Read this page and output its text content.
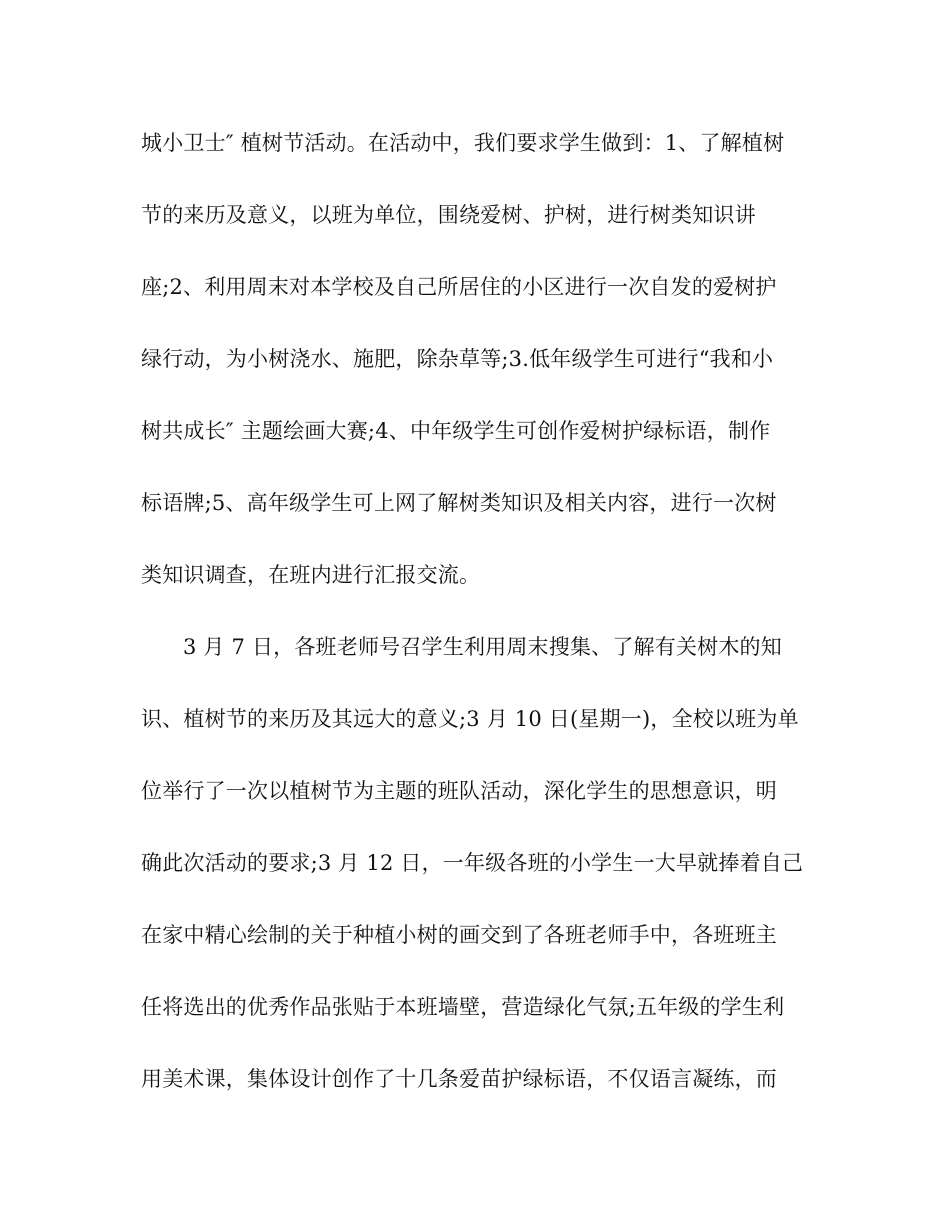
城小卫士″ 植树节活动。在活动中，我们要求学生做到：1、了解植树
节的来历及意义，以班为单位，围绕爱树、护树，进行树类知识讲
座;2、利用周末对本学校及自己所居住的小区进行一次自发的爱树护
绿行动，为小树浇水、施肥，除杂草等;3.低年级学生可进行“我和小
树共成长″ 主题绘画大赛;4、中年级学生可创作爱树护绿标语，制作
标语牌;5、高年级学生可上网了解树类知识及相关内容，进行一次树
类知识调查，在班内进行汇报交流。
3 月 7 日，各班老师号召学生利用周末搜集、了解有关树木的知
识、植树节的来历及其远大的意义;3 月 10 日(星期一)，全校以班为单
位举行了一次以植树节为主题的班队活动，深化学生的思想意识，明
确此次活动的要求;3 月 12 日，一年级各班的小学生一大早就捧着自己
在家中精心绘制的关于种植小树的画交到了各班老师手中，各班班主
任将选出的优秀作品张贴于本班墙壁，营造绿化气氛;五年级的学生利
用美术课，集体设计创作了十几条爱苗护绿标语，不仅语言凝练，而
